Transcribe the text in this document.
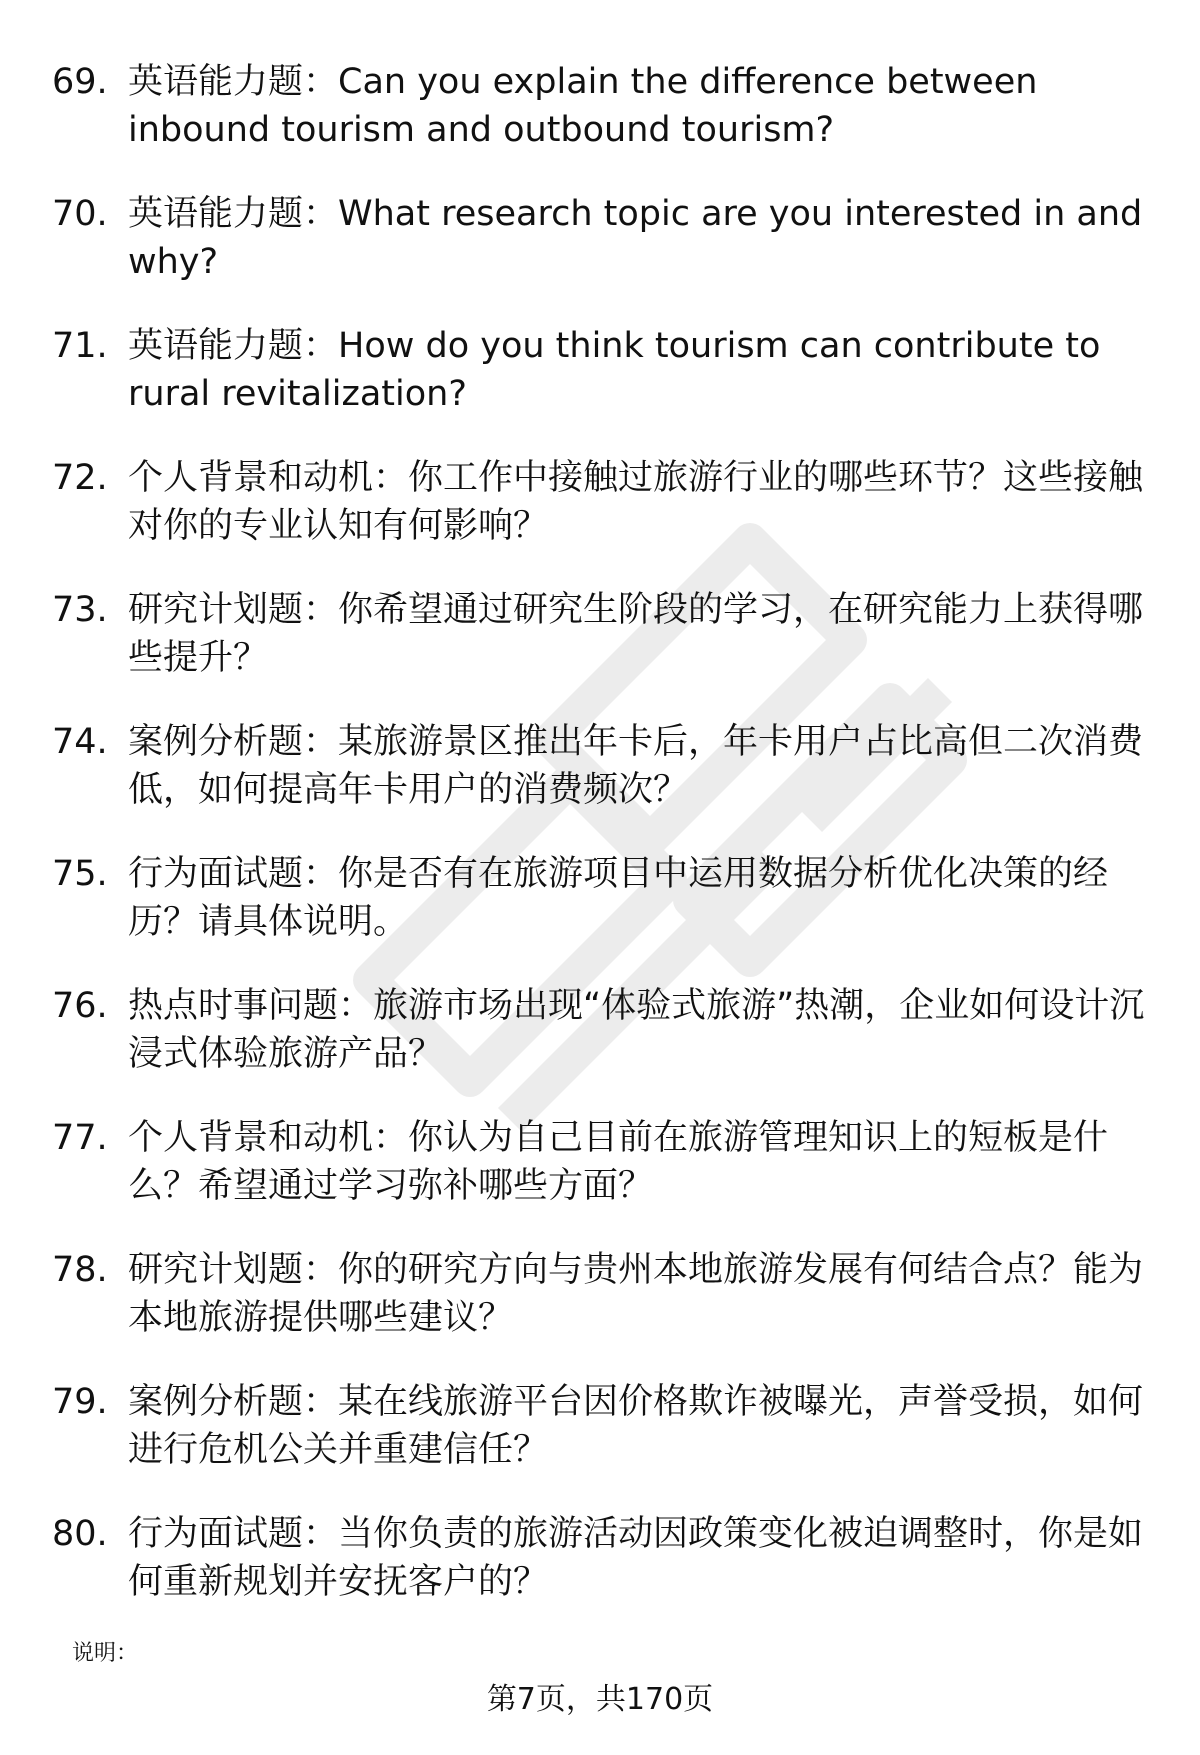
69. 英语能力题：Can you explain the difference between inbound tourism and outbound tourism?
70. 英语能力题：What research topic are you interested in and why?
71. 英语能力题：How do you think tourism can contribute to rural revitalization?
72. 个人背景和动机：你工作中接触过旅游行业的哪些环节？这些接触对你的专业认知有何影响？
73. 研究计划题：你希望通过研究生阶段的学习，在研究能力上获得哪些提升？
74. 案例分析题：某旅游景区推出年卡后，年卡用户占比高但二次消费低，如何提高年卡用户的消费频次？
75. 行为面试题：你是否有在旅游项目中运用数据分析优化决策的经历？请具体说明。
76. 热点时事问题：旅游市场出现“体验式旅游”热潮，企业如何设计沉浸式体验旅游产品？
77. 个人背景和动机：你认为自己目前在旅游管理知识上的短板是什么？希望通过学习弥补哪些方面？
78. 研究计划题：你的研究方向与贵州本地旅游发展有何结合点？能为本地旅游提供哪些建议？
79. 案例分析题：某在线旅游平台因价格欺诈被曝光，声誉受损，如何进行危机公关并重建信任？
80. 行为面试题：当你负责的旅游活动因政策变化被迫调整时，你是如何重新规划并安抚客户的？
说明：
第7页，共170页
